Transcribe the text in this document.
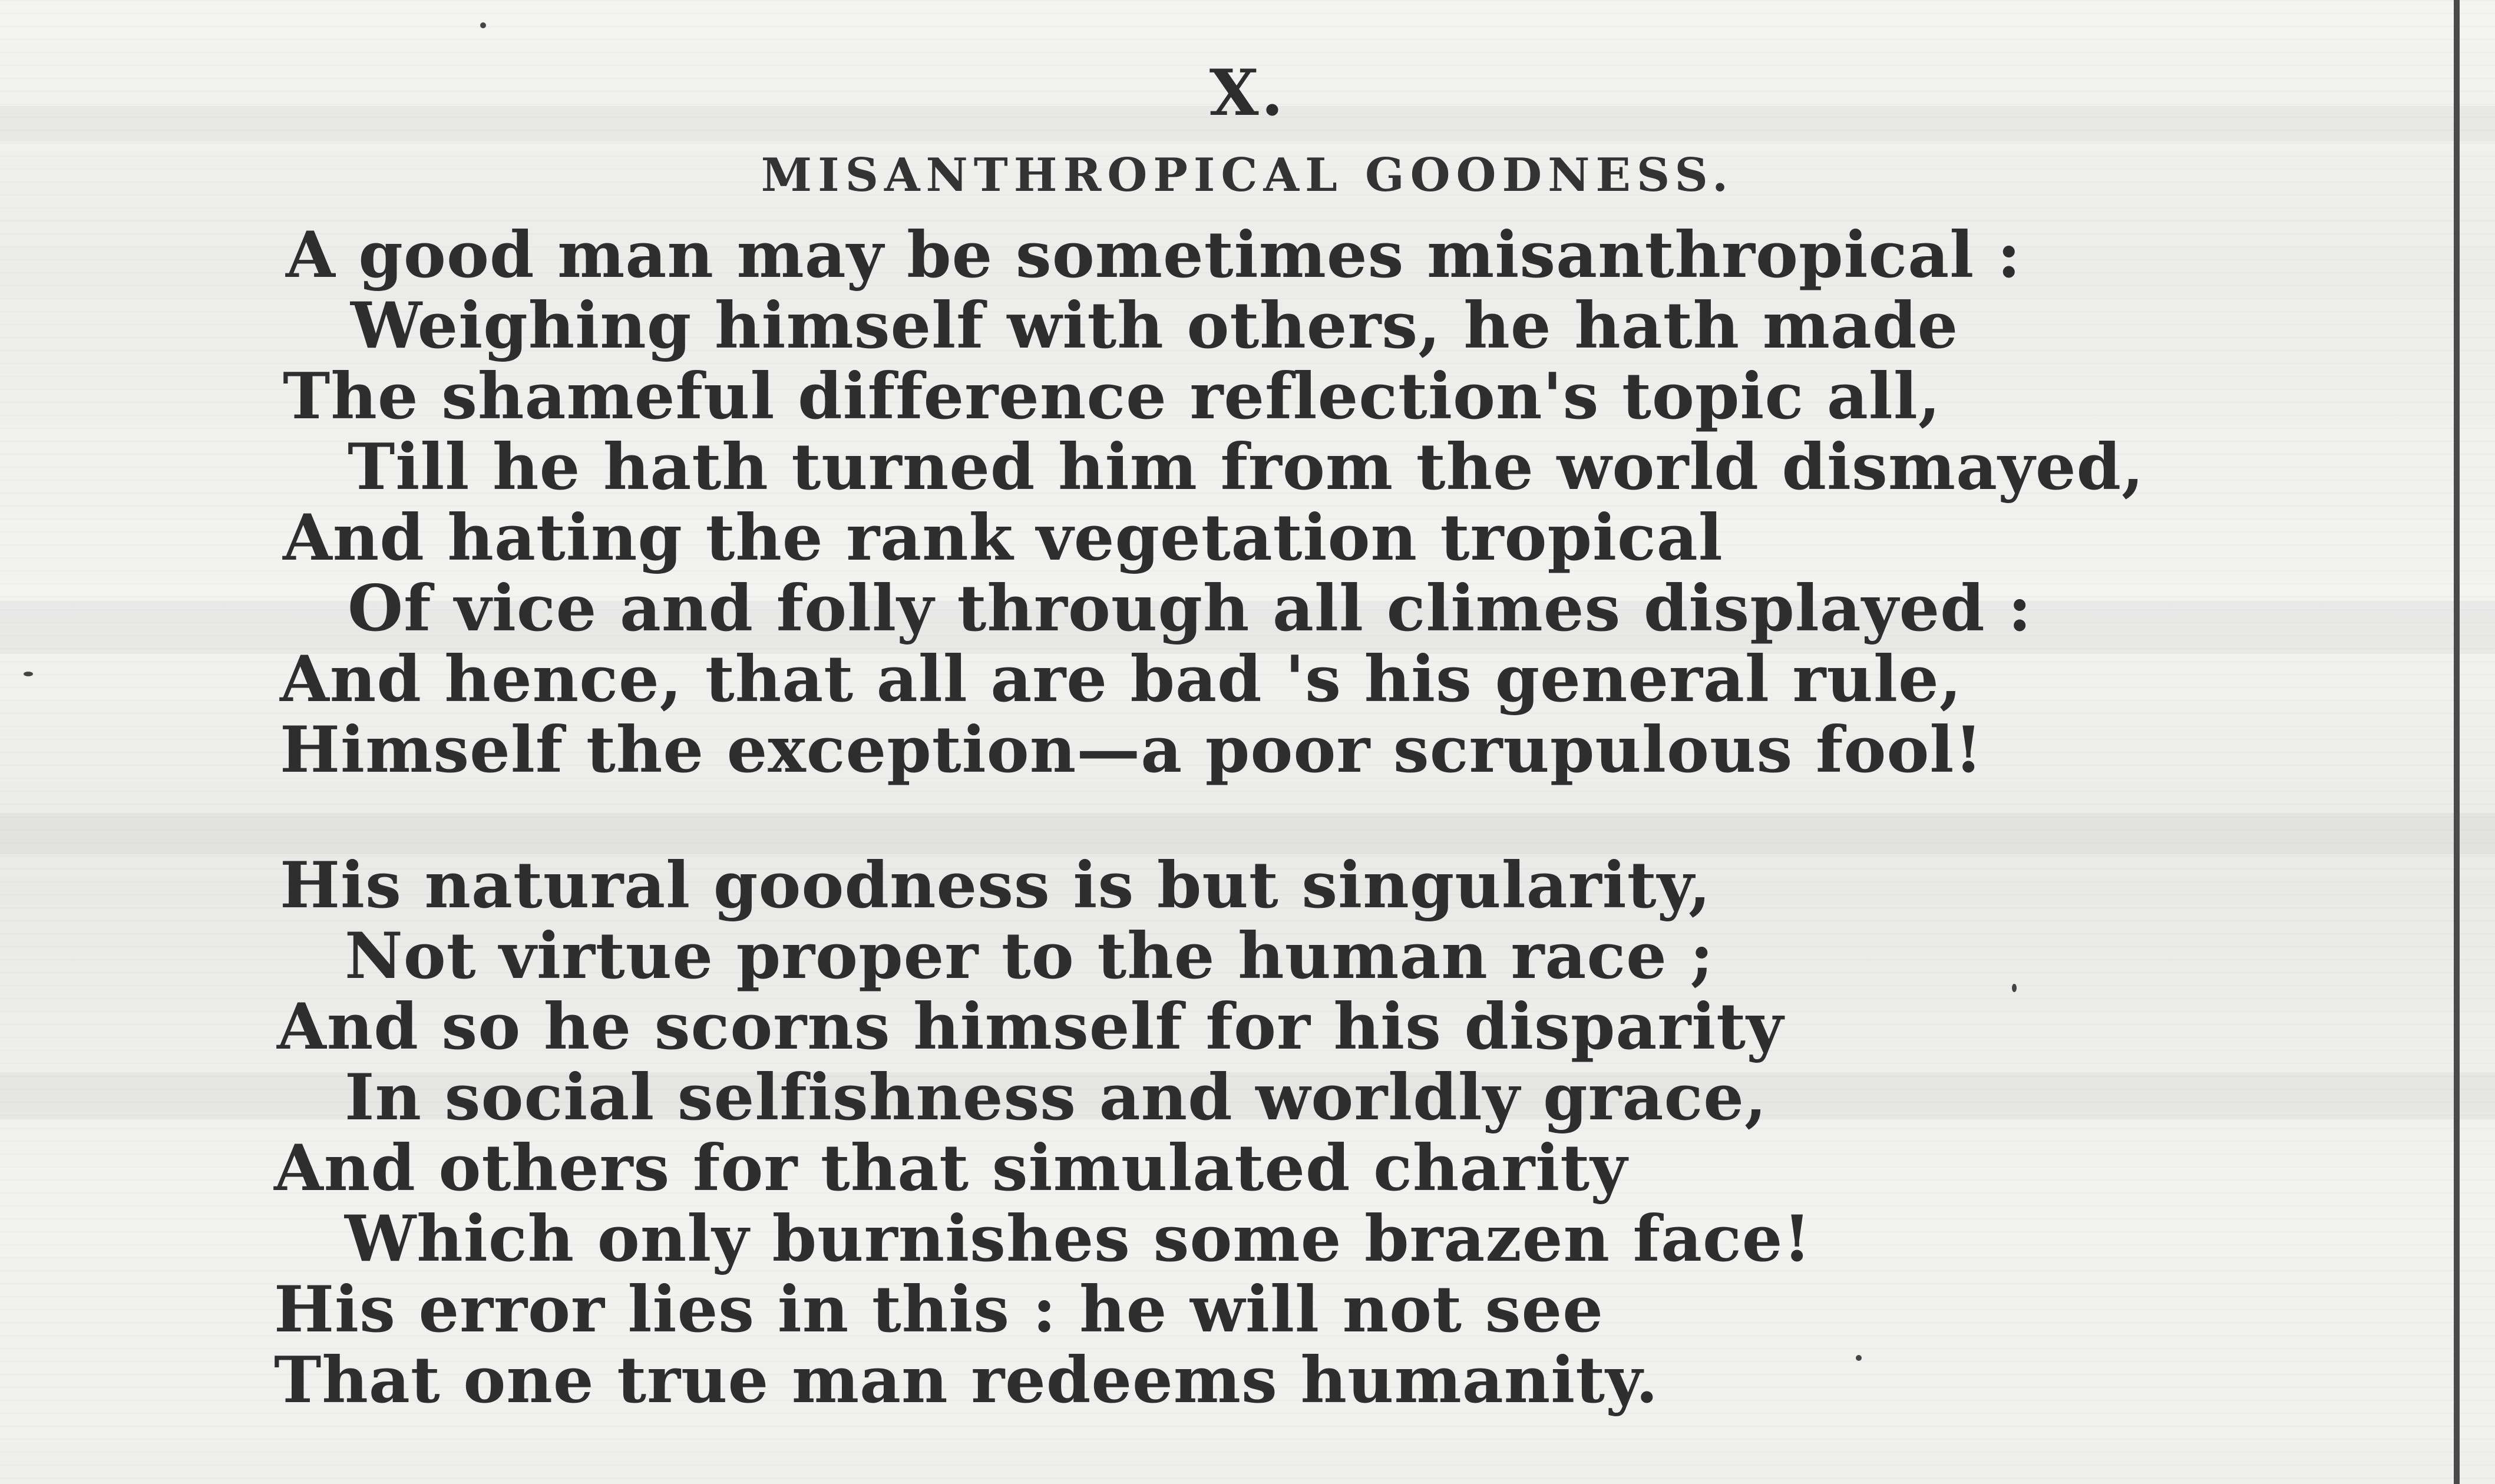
X.
MISANTHROPICAL GOODNESS.
A good man may be sometimes misanthropical :
Weighing himself with others, he hath made
The shameful difference reflection's topic all,
Till he hath turned him from the world dismayed,
And hating the rank vegetation tropical
Of vice and folly through all climes displayed :
And hence, that all are bad 's his general rule,
Himself the exception—a poor scrupulous fool!
His natural goodness is but singularity,
Not virtue proper to the human race ;
And so he scorns himself for his disparity
In social selfishness and worldly grace,
And others for that simulated charity
Which only burnishes some brazen face!
His error lies in this : he will not see
That one true man redeems humanity.
